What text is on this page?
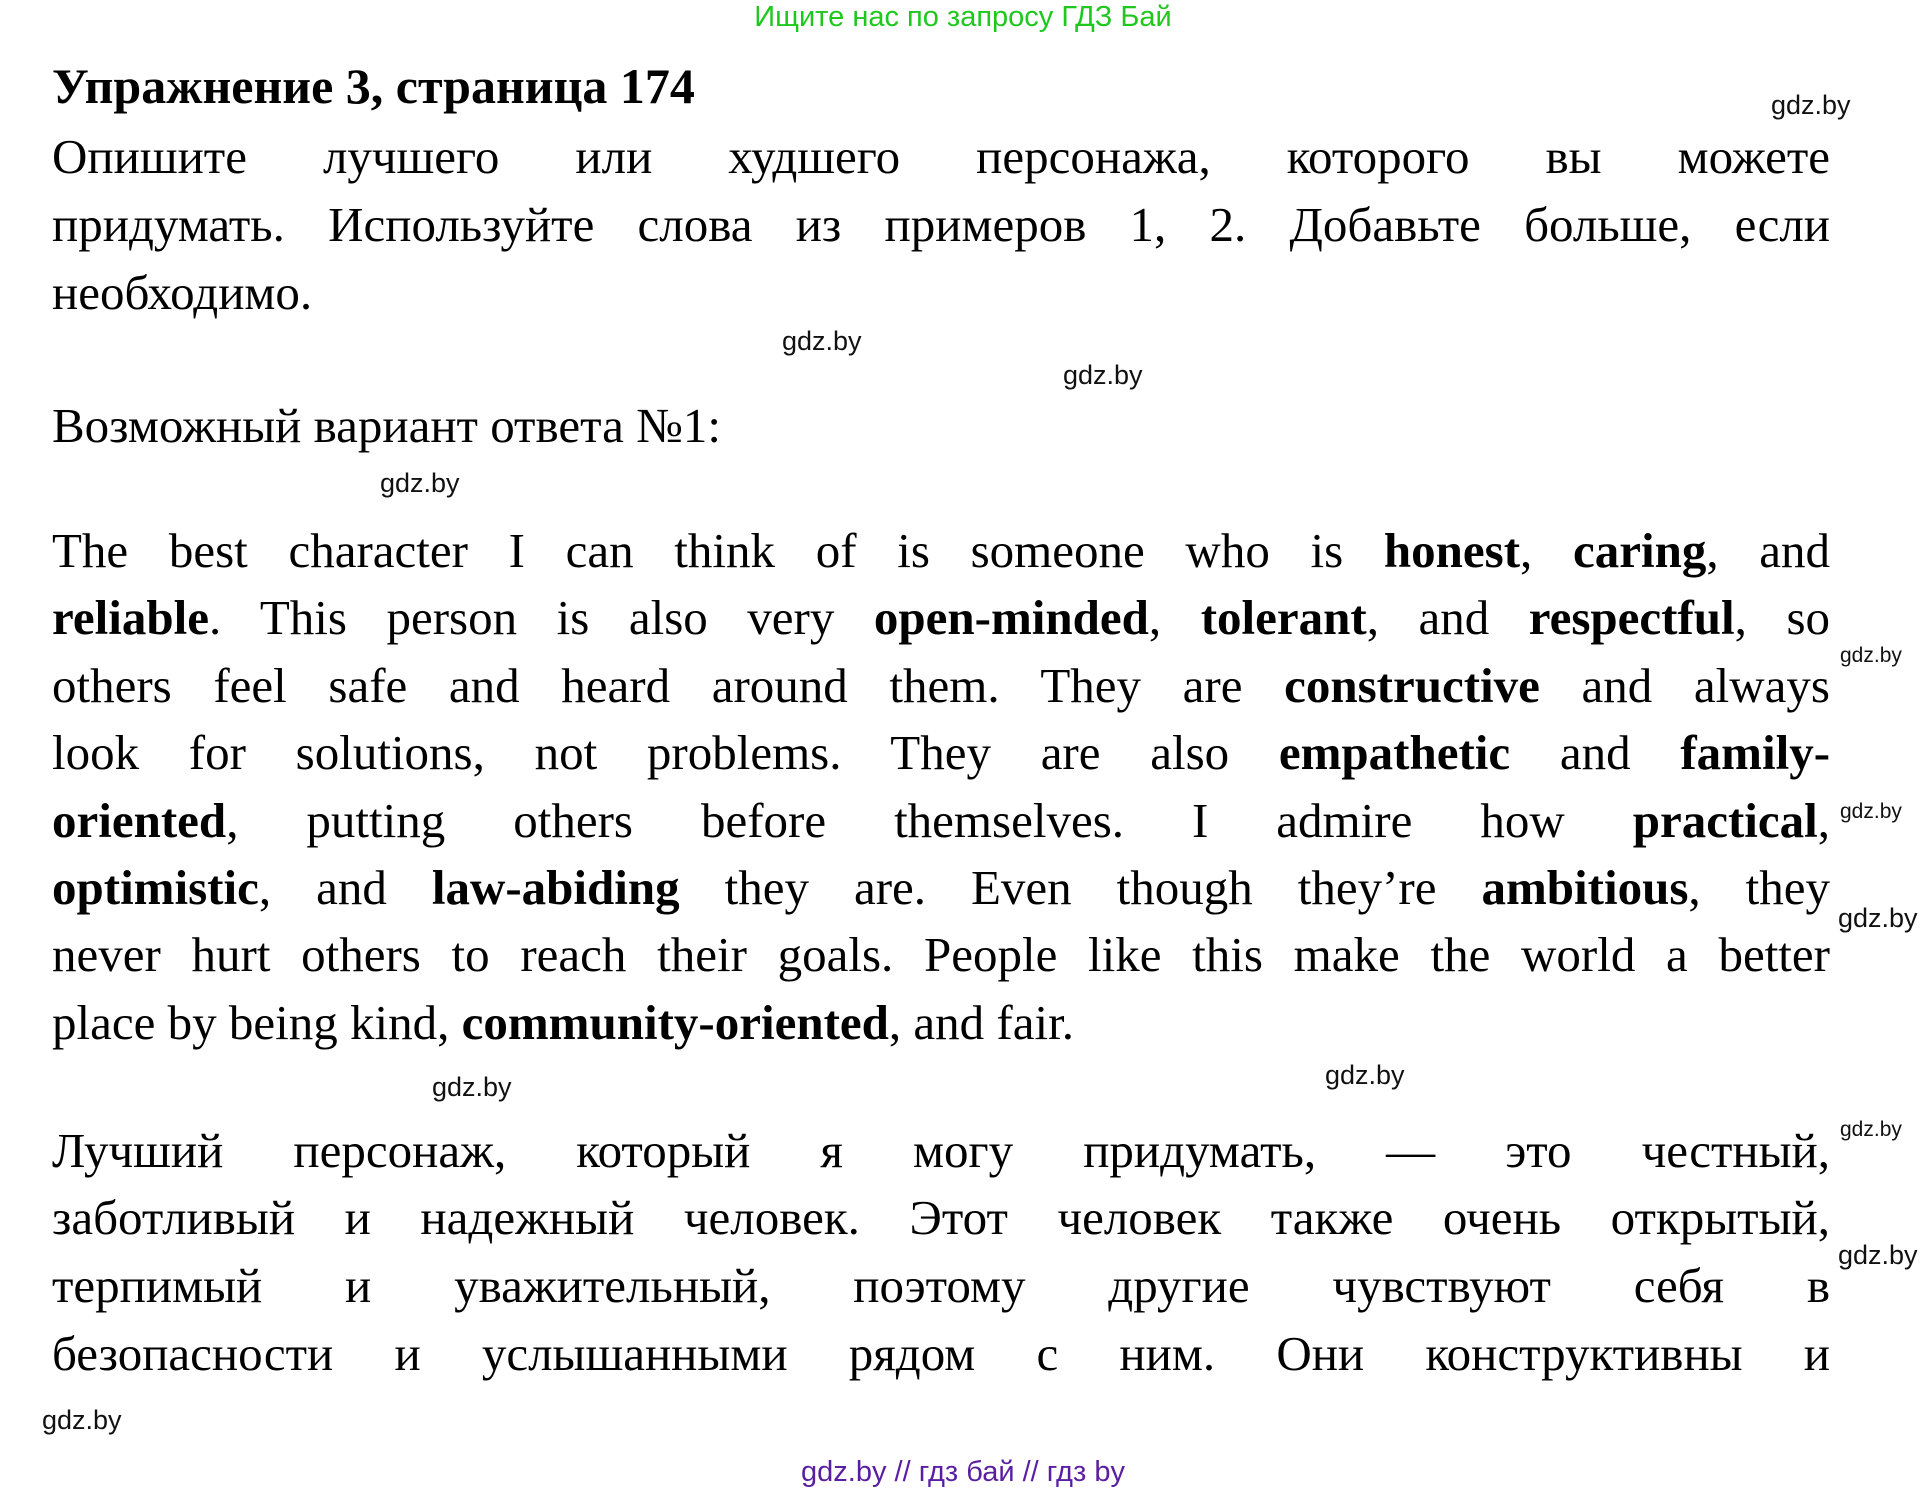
Ищите нас по запросу ГДЗ Бай
Упражнение 3, страница 174
Опишите лучшего или худшего персонажа, которого вы можете
придумать. Используйте слова из примеров 1, 2. Добавьте больше, если
необходимо.
Возможный вариант ответа №1:
The best character I can think of is someone who is honest, caring, and
reliable. This person is also very open-minded, tolerant, and respectful, so
others feel safe and heard around them. They are constructive and always
look for solutions, not problems. They are also empathetic and family-
oriented, putting others before themselves. I admire how practical,
optimistic, and law-abiding they are. Even though they’re ambitious, they
never hurt others to reach their goals. People like this make the world a better
place by being kind, community-oriented, and fair.
Лучший персонаж, который я могу придумать, — это честный,
заботливый и надежный человек. Этот человек также очень открытый,
терпимый и уважительный, поэтому другие чувствуют себя в
безопасности и услышанными рядом с ним. Они конструктивны и
gdz.by
gdz.by
gdz.by
gdz.by
gdz.by
gdz.by
gdz.by
gdz.by
gdz.by
gdz.by
gdz.by
gdz.by
gdz.by // гдз бай // гдз by
